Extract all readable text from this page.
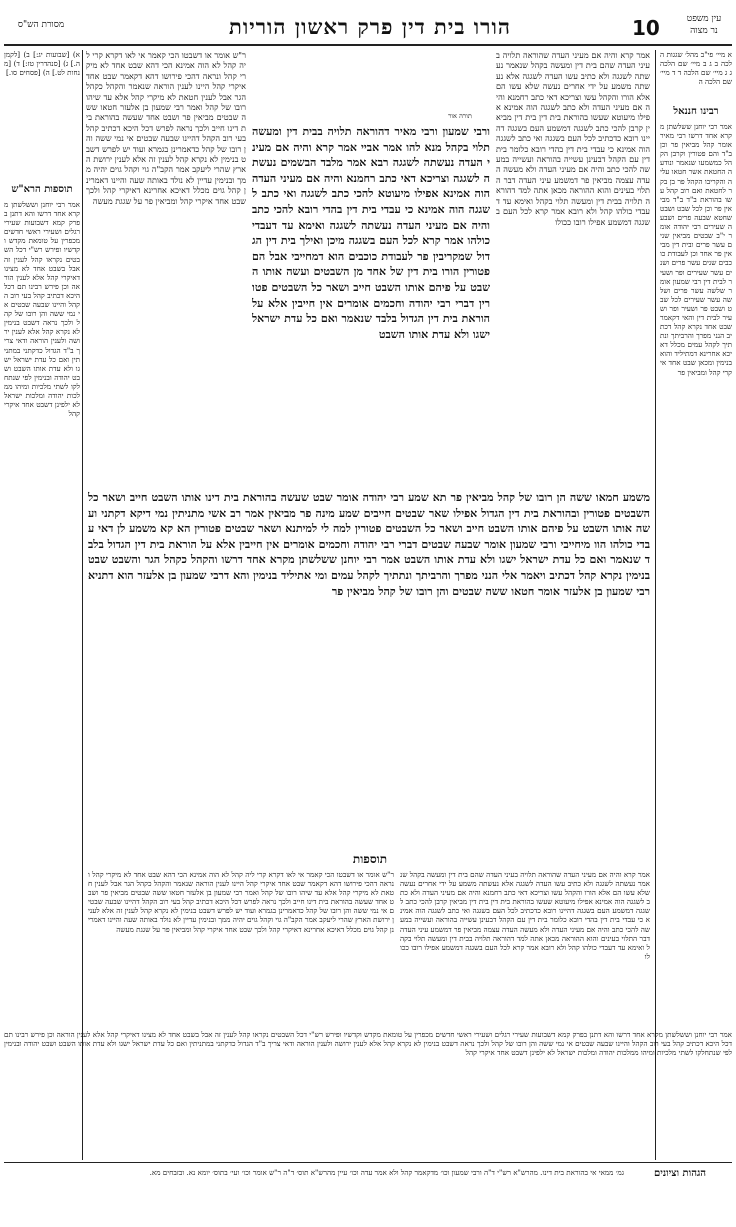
הורו בית דין פרק ראשון הוריות	10	עין משפט
נר מצוה
מסורת הש"ס
א מיי׳ פי"ב מהל׳ שגגות הלכה ב ג ב מיי׳ שם הלכה ג ג מיי׳ שם הלכה ד ד מיי׳ שם הלכה ה
רבינו חננאל
אמר רבי יוחנן ששלשתן מקרא אחד דרשו רבי מאיר אומר קהל מביאין פר וכן ב"ד והם פטורין וקרבן הקהל כמשמעו שנאמר ונודעה החטאת אשר חטאו עליה והקריבו הקהל פר בן בקר לחטאת ואם רוב קהל עשו בהוראת ב"ד ב"ד מביאין פר וכן לכל שבט ושבט שחטא שבעה פרים ושבעה שעירים רבי יהודה אומר י"ב שבטים מביאין שנים עשר פרים ובית דין מביאין פר אחד וכן לעבודת כוכבים שנים עשר פרים ושנים עשר שעירים ופר ושעיר לבית דין רבי שמעון אומר שלשה עשר פרים ושלשה עשר שעירים לכל שבט ושבט פר ושעיר ופר ושעיר לבית דין והאי דקאמר שבט אחד נקרא קהל דכתיב הנני מפרך והרביתך ונתתיך לקהל עמים מכלל דאיכא אחרינא דמתיליד והוא בנימין ומכאן שבט אחד איקרי קהל ומביאין פר
אמר קרא והיה אם מעיני העדה שהוראה תלויה בעיני העדה שהם בית דין ומעשה בקהל שנאמר נעשתה לשגגה ולא כתיב עשו העדה לשגגה אלא נעשתה משמע על ידי אחרים נעשה שלא עשו הם אלא הורו והקהל עשו וצריכא דאי כתב רחמנא והיה אם מעיני העדה ולא כתב לשגגה הוה אמינא אפילו מיעוטא שעשו בהוראת בית דין בית דין מביאין קרבן להכי כתב לשגגה דמשמע העם בשגגה דהיינו רובא כדכתיב לכל העם בשגגה ואי כתב לשגגה הוה אמינא כי עבדי בית דין בהדי רובא כלומר בית דין עם הקהל דבעינן עשייה בהוראה ועשייה במעשה להכי כתב והיה אם מעיני העדה ולא מעשה העדה עצמה מביאין פר דמשמע עיני העדה דבר התלוי בעינים והוא ההוראה מכאן אתה למד דהוראה תלויה בבית דין ומעשה תלוי בקהל ואימא עד דעבדי כולהו קהל ולא רובא אמר קרא לכל העם בשגגה דמשמע אפילו רובו ככולו
ר"ש אומר או דשבטו הכי קאמר אי לאו דקרא קרי ליה קהל לא הוה אמינא הכי דהא שבט אחד לא מיקרי קהל ונראה דהכי פירושו דהא דקאמר שבט אחד איקרי קהל היינו לענין הוראה שנאמר והקהל כקהל הגר אבל לענין חטאת לא מיקרי קהל אלא עד שיהו רובו של קהל ואמר רבי שמעון בן אלעזר חטאו ששה שבטים מביאין פר ושבט אחד שעשה בהוראת בית דינו חייב ולכך נראה לפרש דכל היכא דכתיב קהל בעי רוב הקהל דהיינו שבעה שבטים אי נמי ששה והן רובו של קהל כדאמרינן בגמרא ועוד יש לפרש דשבט בנימין לא נקרא קהל לענין זה אלא לענין ירושת הארץ שהרי ליעקב אמר הקב"ה גוי וקהל גוים יהיה ממך ובנימין עדיין לא נולד באותה שעה והיינו דאמרינן קהל גוים מכלל דאיכא אחרינא דאיקרי קהל ולכך שבט אחד איקרי קהל ומביאין פר על שגגת מעשה
א) [שבועות יג:] ב) [לקמן ה.] ג) [סנהדרין טז:] ד) [מנחות לט.] ה) [פסחים סו.]
תוספות הרא"ש
אמר רבי יוחנן וששלשתן מקרא אחד דרשו והא דתנן בפרק קמא דשבועות שעירי רגלים ושעירי ראשי חדשים מכפרין על טומאת מקדש וקדשיו ופירש רש"י דכל השבטים נקראו קהל לענין זה אבל בשבט אחד לא מצינו דאיקרי קהל אלא לענין הוראה וכן פירש רבינו תם דכל היכא דכתיב קהל בעי רוב הקהל והיינו שבעה שבטים אי נמי ששה והן רובו של קהל ולכך נראה דשבט בנימין לא נקרא קהל אלא לענין ירושה ולענין הוראה ודאי צריך ב"ד הגדול כדקתני במתניתין ואם כל עדת ישראל ישגו ולא עדת אותו השבט ושבט יהודה ובנימין לפי שנתחלקו לשתי מלכיות ומיהו ממלכות יהודה ומלכות ישראל לא ילפינן דשבט אחד איקרי קהל
תורה אור
ורבי שמעון ורבי מאיר דהוראה תלויה בבית דין ומעשה תלוי בקהל מנא להו אמר אביי אמר קרא והיה אם מעיני העדה נעשתה לשגגה רבא אמר מלבד הבשמים נעשתה לשגגה וצריכא דאי כתב רחמנא והיה אם מעיני העדה הוה אמינא אפילו מיעוטא להכי כתב לשגגה ואי כתב לשגגה הוה אמינא כי עבדי בית דין בהדי רובא להכי כתב והיה אם מעיני העדה נעשתה לשגגה ואימא עד דעבדי כולהו אמר קרא לכל העם בשגגה מיכן ואילך בית דין הגדול שמקריבין פר לעבודת כוכבים הוא דמחייבי אבל הם פטורין הורו בית דין של אחד מן השבטים ועשה אותו השבט על פיהם אותו השבט חייב ושאר כל השבטים פטורין דברי רבי יהודה וחכמים אומרים אין חייבין אלא על הוראת בית דין הגדול בלבד שנאמר ואם כל עדת ישראל ישגו ולא עדת אותו השבט
משמע חמאו ששה הן רובו של קהל מביאין פר תא שמע רבי יהודה אומר שבט שעשה בהוראת בית דינו אותו השבט חייב ושאר כל השבטים פטורין ובהוראת בית דין הגדול אפילו שאר שבטים חייבים שמע מינה פר מביאין אמר רב אשי מתניתין נמי דיקא דקתני ועשה אותו השבט על פיהם אותו השבט חייב ושאר כל השבטים פטורין למה לי למיתנא ושאר שבטים פטורין הא קא משמע לן דאי עבדי כולהו הוו מיחייבי ורבי שמעון אומר שבעה שבטים דברי רבי יהודה וחכמים אומרים אין חייבין אלא על הוראת בית דין הגדול בלבד שנאמר ואם כל עדת ישראל ישגו ולא עדת אותו השבט אמר רבי יוחנן ששלשתן מקרא אחד דרשו והקהל כקהל הגר והשבט שבט בנימין נקרא קהל דכתיב ויאמר אלי הנני מפרך והרביתך ונתתיך לקהל עמים ומי אתיליד בנימין והא דרבי שמעון בן אלעזר הוא דתניא רבי שמעון בן אלעזר אומר חטאו ששה שבטים והן רובו של קהל מביאין פר
תוספות
אמר קרא והיה אם מעיני העדה שהוראה תלויה בעיני העדה שהם בית דין ומעשה בקהל שנאמר נעשתה לשגגה ולא כתיב עשו העדה לשגגה אלא נעשתה משמע על ידי אחרים נעשה שלא עשו הם אלא הורו והקהל עשו וצריכא דאי כתב רחמנא והיה אם מעיני העדה ולא כתב לשגגה הוה אמינא אפילו מיעוטא שעשו בהוראת בית דין בית דין מביאין קרבן להכי כתב לשגגה דמשמע העם בשגגה דהיינו רובא כדכתיב לכל העם בשגגה ואי כתב לשגגה הוה אמינא כי עבדי בית דין בהדי רובא כלומר בית דין עם הקהל דבעינן עשייה בהוראה ועשייה במעשה להכי כתב והיה אם מעיני העדה ולא מעשה העדה עצמה מביאין פר דמשמע עיני העדה דבר התלוי בעינים והוא ההוראה מכאן אתה למד דהוראה תלויה בבית דין ומעשה תלוי בקהל ואימא עד דעבדי כולהו קהל ולא רובא אמר קרא לכל העם בשגגה דמשמע אפילו רובו ככולו
ר"ש אומר או דשבטו הכי קאמר אי לאו דקרא קרי ליה קהל לא הוה אמינא הכי דהא שבט אחד לא מיקרי קהל ונראה דהכי פירושו דהא דקאמר שבט אחד איקרי קהל היינו לענין הוראה שנאמר והקהל כקהל הגר אבל לענין חטאת לא מיקרי קהל אלא עד שיהו רובו של קהל ואמר רבי שמעון בן אלעזר חטאו ששה שבטים מביאין פר ושבט אחד שעשה בהוראת בית דינו חייב ולכך נראה לפרש דכל היכא דכתיב קהל בעי רוב הקהל דהיינו שבעה שבטים אי נמי ששה והן רובו של קהל כדאמרינן בגמרא ועוד יש לפרש דשבט בנימין לא נקרא קהל לענין זה אלא לענין ירושת הארץ שהרי ליעקב אמר הקב"ה גוי וקהל גוים יהיה ממך ובנימין עדיין לא נולד באותה שעה והיינו דאמרינן קהל גוים מכלל דאיכא אחרינא דאיקרי קהל ולכך שבט אחד איקרי קהל ומביאין פר על שגגת מעשה
אמר רבי יוחנן וששלשתן מקרא אחד דרשו והא דתנן בפרק קמא דשבועות שעירי רגלים ושעירי ראשי חדשים מכפרין על טומאת מקדש וקדשיו ופירש רש"י דכל השבטים נקראו קהל לענין זה אבל בשבט אחד לא מצינו דאיקרי קהל אלא לענין הוראה וכן פירש רבינו תם דכל היכא דכתיב קהל בעי רוב הקהל והיינו שבעה שבטים אי נמי ששה והן רובו של קהל ולכך נראה דשבט בנימין לא נקרא קהל אלא לענין ירושה ולענין הוראה ודאי צריך ב"ד הגדול כדקתני במתניתין ואם כל עדת ישראל ישגו ולא עדת אותו השבט ושבט יהודה ובנימין לפי שנתחלקו לשתי מלכיות ומיהו ממלכות יהודה ומלכות ישראל לא ילפינן דשבט אחד איקרי קהל
הגהות וציונים
גמ׳ ממאי אי בהוראת בית דינו. מהרש"א רש"י ד"ה ורבי שמעון וכו׳ מדקאמר קהל ולא אמר עדה וכו׳ עיין מהרש"א תוס׳ ד"ה ר"ש אומר וכו׳ ועי׳ בתוס׳ יומא נא. ובזבחים מא.
